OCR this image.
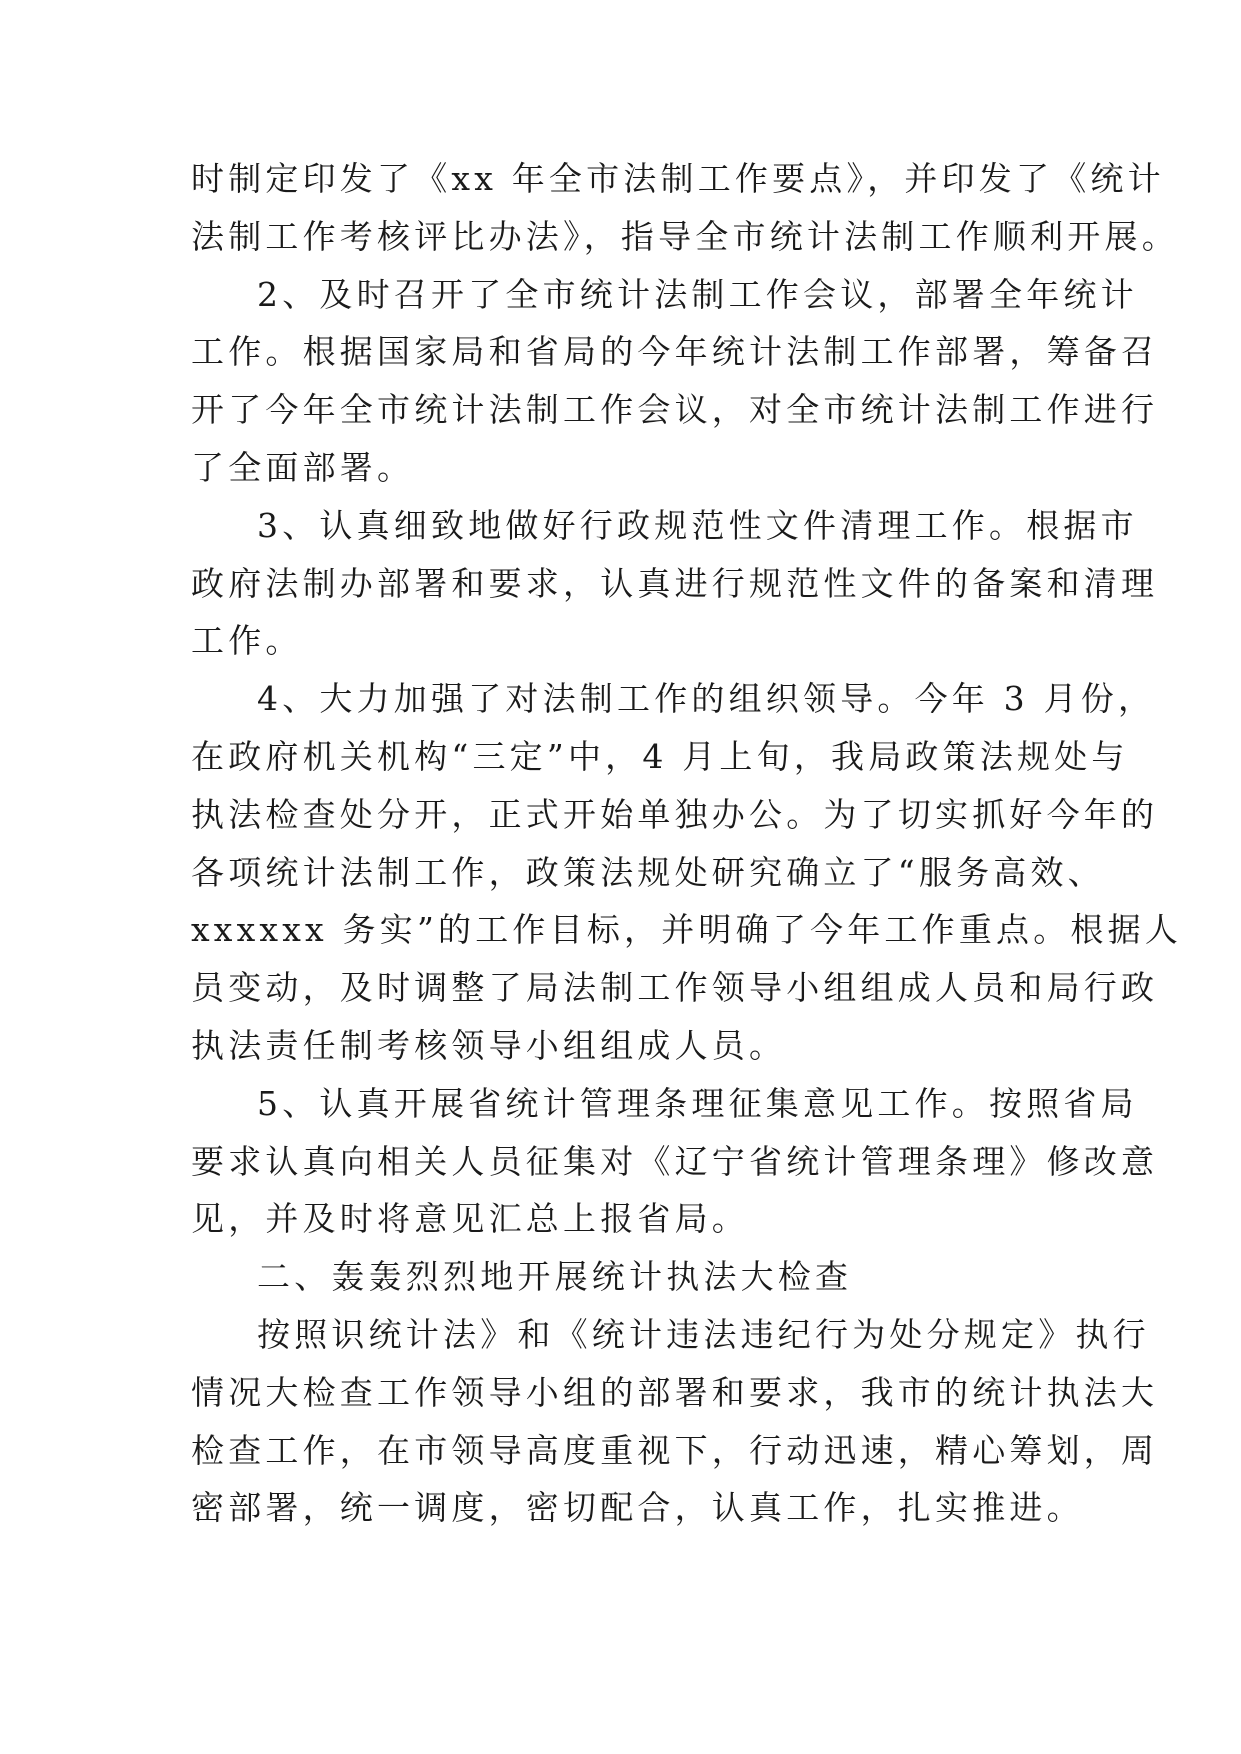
时制定印发了《xx 年全市法制工作要点》，并印发了《统计
法制工作考核评比办法》，指导全市统计法制工作顺利开展。
2、及时召开了全市统计法制工作会议，部署全年统计
工作。根据国家局和省局的今年统计法制工作部署，筹备召
开了今年全市统计法制工作会议，对全市统计法制工作进行
了全面部署。
3、认真细致地做好行政规范性文件清理工作。根据市
政府法制办部署和要求，认真进行规范性文件的备案和清理
工作。
4、大力加强了对法制工作的组织领导。今年 3 月份，
在政府机关机构“三定”中，4 月上旬，我局政策法规处与
执法检查处分开，正式开始单独办公。为了切实抓好今年的
各项统计法制工作，政策法规处研究确立了“服务高效、
xxxxxx 务实”的工作目标，并明确了今年工作重点。根据人
员变动，及时调整了局法制工作领导小组组成人员和局行政
执法责任制考核领导小组组成人员。
5、认真开展省统计管理条理征集意见工作。按照省局
要求认真向相关人员征集对《辽宁省统计管理条理》修改意
见，并及时将意见汇总上报省局。
二、轰轰烈烈地开展统计执法大检查
按照识统计法》和《统计违法违纪行为处分规定》执行
情况大检查工作领导小组的部署和要求，我市的统计执法大
检查工作，在市领导高度重视下，行动迅速，精心筹划，周
密部署，统一调度，密切配合，认真工作，扎实推进。
